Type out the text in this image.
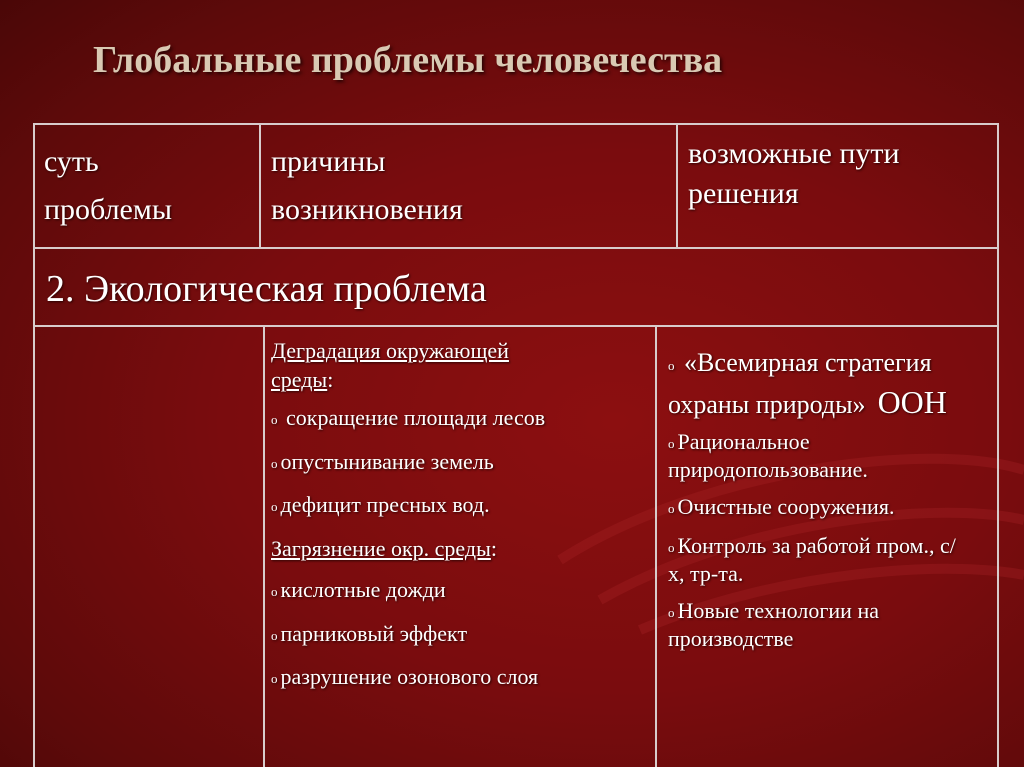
Глобальные проблемы человечества
суть
проблемы
причины
возникновения
возможные пути
решения
2. Экологическая проблема
Деградация окружающей
среды:
o сокращение площади лесов
o опустынивание земель
o дефицит пресных вод.
Загрязнение окр. среды:
o кислотные дожди
o парниковый эффект
o разрушение озонового слоя
o «Всемирная стратегия охраны природы» ООН
o Рациональное природопользование.
o Очистные сооружения.
o Контроль за работой пром., с/х, тр-та.
o Новые технологии на производстве
